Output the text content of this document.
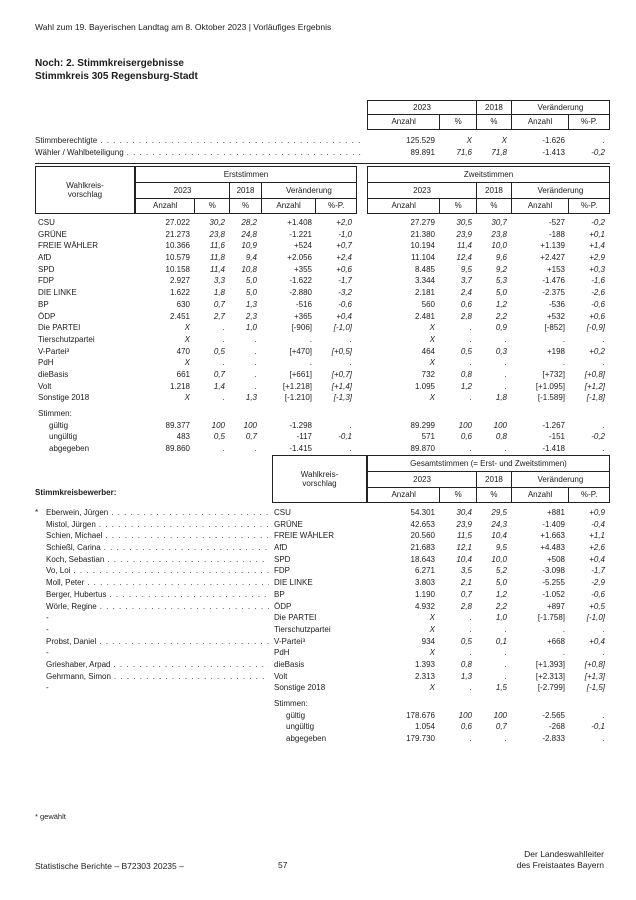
Wahl zum 19. Bayerischen Landtag am 8. Oktober 2023 | Vorläufiges Ergebnis
Noch: 2. Stimmkreisergebnisse
Stimmkreis 305 Regensburg-Stadt
2023	2018	Veränderung
Anzahl	%	%	Anzahl	%-P.
Stimmberechtigte . . .	125.529	X	X	-1.626	.
Wähler / Wahlbeteiligung . . .	89.891	71,6	71,8	-1.413	-0,2
Wahlkreis-
vorschlag
Erststimmen
2023	2018	Veränderung
Anzahl	%	%	Anzahl	%-P.
Zweitstimmen
2023	2018	Veränderung
Anzahl	%	%	Anzahl	%-P.
CSU	27.022	30,2	28,2	+1.408	+2,0	27.279	30,5	30,7	-527	-0,2
GRÜNE	21.273	23,8	24,8	-1.221	-1,0	21.380	23,9	23,8	-188	+0,1
FREIE WÄHLER	10.366	11,6	10,9	+524	+0,7	10.194	11,4	10,0	+1.139	+1,4
AfD	10.579	11,8	9,4	+2.056	+2,4	11.104	12,4	9,6	+2.427	+2,9
SPD	10.158	11,4	10,8	+355	+0,6	8.485	9,5	9,2	+153	+0,3
FDP	2.927	3,3	5,0	-1.622	-1,7	3.344	3,7	5,3	-1.476	-1,6
DIE LINKE	1.622	1,8	5,0	-2.880	-3,2	2.181	2,4	5,0	-2.375	-2,6
BP	630	0,7	1,3	-516	-0,6	560	0,6	1,2	-536	-0,6
ÖDP	2.451	2,7	2,3	+365	+0,4	2.481	2,8	2,2	+532	+0,6
Die PARTEI	X	.	1,0	[-906]	[-1,0]	X	.	0,9	[-852]	[-0,9]
Tierschutzpartei	X	.	.	.	.	X	.	.	.	.
V-Partei³	470	0,5	.	[+470]	[+0,5]	464	0,5	0,3	+198	+0,2
PdH	X	.	.	.	.	X	.	.	.	.
dieBasis	661	0,7	.	[+661]	[+0,7]	732	0,8	.	[+732]	[+0,8]
Volt	1.218	1,4	.	[+1.218]	[+1,4]	1.095	1,2	.	[+1.095]	[+1,2]
Sonstige 2018	X	.	1,3	[-1.210]	[-1,3]	X	.	1,8	[-1.589]	[-1,8]
Stimmen:
gültig	89.377	100	100	-1.298	.	89.299	100	100	-1.267	.
ungültig	483	0,5	0,7	-117	-0,1	571	0,6	0,8	-151	-0,2
abgegeben	89.860	.	.	-1.415	.	89.870	.	.	-1.418	.
Stimmkreisbewerber:
Wahlkreis-
vorschlag
Gesamtstimmen (= Erst- und Zweitstimmen)
2023	2018	Veränderung
Anzahl	%	%	Anzahl	%-P.
* Eberwein, Jürgen . . .	CSU	54.301	30,4	29,5	+881	+0,9
Mistol, Jürgen . . .	GRÜNE	42.653	23,9	24,3	-1.409	-0,4
Schien, Michael . . .	FREIE WÄHLER	20.560	11,5	10,4	+1.663	+1,1
Schießl, Carina . . .	AfD	21.683	12,1	9,5	+4.483	+2,6
Koch, Sebastian . . .	SPD	18.643	10,4	10,0	+508	+0,4
Vo, Loi . . .	FDP	6.271	3,5	5,2	-3.098	-1,7
Moll, Peter . . .	DIE LINKE	3.803	2,1	5,0	-5.255	-2,9
Berger, Hubertus . . .	BP	1.190	0,7	1,2	-1.052	-0,6
Wörle, Regine . . .	ÖDP	4.932	2,8	2,2	+897	+0,5
-	Die PARTEI	X	.	1,0	[-1.758]	[-1,0]
-	Tierschutzpartei	X	.	.	.	.
Probst, Daniel . . .	V-Partei³	934	0,5	0,1	+668	+0,4
-	PdH	X	.	.	.	.
Grieshaber, Arpad . . .	dieBasis	1.393	0,8	.	[+1.393]	[+0,8]
Gehrmann, Simon . . .	Volt	2.313	1,3	.	[+2.313]	[+1,3]
-	Sonstige 2018	X	.	1,5	[-2.799]	[-1,5]
Stimmen:
gültig	178.676	100	100	-2.565	.
ungültig	1.054	0,6	0,7	-268	-0,1
abgegeben	179.730	.	.	-2.833	.
* gewählt
Statistische Berichte – B72303 20235 –	57
Der Landeswahlleiter
des Freistaates Bayern
